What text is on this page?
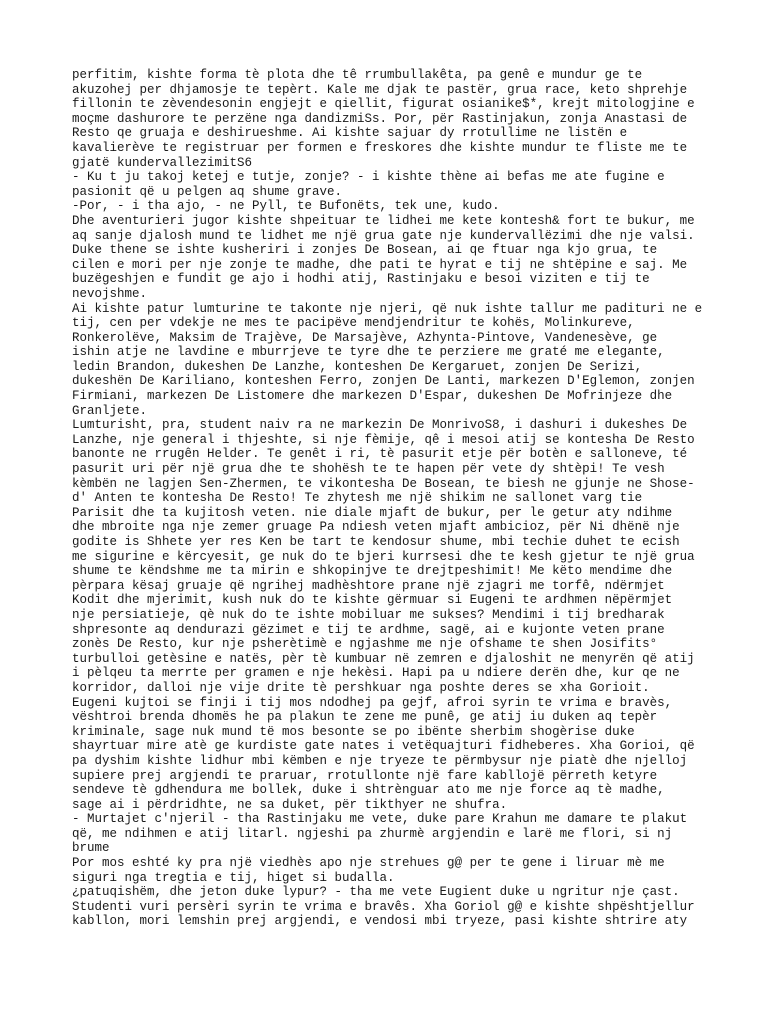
perfitim, kishte forma tè plota dhe tê rrumbullakêta, pa genê e mundur ge te
akuzohej per dhjamosje te tepèrt. Kale me djak te pastër, grua race, keto shprehje
fillonin te zèvendesonin engjejt e qiellit, figurat osianike$*, krejt mitologjine e
moçme dashurore te perzëne nga dandizmiSs. Por, për Rastinjakun, zonja Anastasi de
Resto qe gruaja e deshirueshme. Ai kishte sajuar dy rrotullime ne listën e
kavalierève te registruar per formen e freskores dhe kishte mundur te fliste me te
gjatë kundervallezimitS6
- Ku t ju takoj ketej e tutje, zonje? - i kishte thène ai befas me ate fugine e
pasionit që u pelgen aq shume grave.
-Por, - i tha ajo, - ne Pyll, te Bufonëts, tek une, kudo.
Dhe aventurieri jugor kishte shpeituar te lidhei me kete kontesh& fort te bukur, me
aq sanje djalosh mund te lidhet me një grua gate nje kundervallëzimi dhe nje valsi.
Duke thene se ishte kusheriri i zonjes De Bosean, ai qe ftuar nga kjo grua, te
cilen e mori per nje zonje te madhe, dhe pati te hyrat e tij ne shtëpine e saj. Me
buzëgeshjen e fundit ge ajo i hodhi atij, Rastinjaku e besoi viziten e tij te
nevojshme.
Ai kishte patur lumturine te takonte nje njeri, që nuk ishte tallur me padituri ne e
tij, cen per vdekje ne mes te pacipëve mendjendritur te kohës, Molinkureve,
Ronkerolëve, Maksim de Trajève, De Marsajève, Azhynta-Pintove, Vandenesève, ge
ishin atje ne lavdine e mburrjeve te tyre dhe te perziere me graté me elegante,
ledin Brandon, dukeshen De Lanzhe, konteshen De Kergaruet, zonjen De Serizi,
dukeshën De Kariliano, konteshen Ferro, zonjen De Lanti, markezen D'Eglemon, zonjen
Firmiani, markezen De Listomere dhe markezen D'Espar, dukeshen De Mofrinjeze dhe
Granljete.
Lumturisht, pra, student naiv ra ne markezin De MonrivoS8, i dashuri i dukeshes De
Lanzhe, nje general i thjeshte, si nje fèmije, qê i mesoi atij se kontesha De Resto
banonte ne rrugên Helder. Te genêt i ri, tè pasurit etje për botèn e salloneve, té
pasurit uri për një grua dhe te shohësh te te hapen për vete dy shtèpi! Te vesh
kèmbën ne lagjen Sen-Zhermen, te vikontesha De Bosean, te biesh ne gjunje ne Shose-
d' Anten te kontesha De Resto! Te zhytesh me një shikim ne sallonet varg tie
Parisit dhe ta kujitosh veten. nie diale mjaft de bukur, per le getur aty ndihme
dhe mbroite nga nje zemer gruage Pa ndiesh veten mjaft ambicioz, për Ni dhënë nje
godite is Shhete yer res Ken be tart te kendosur shume, mbi techie duhet te ecish
me sigurine e kërcyesit, ge nuk do te bjeri kurrsesi dhe te kesh gjetur te një grua
shume te këndshme me ta mirin e shkopinjve te drejtpeshimit! Me këto mendime dhe
pèrpara kësaj gruaje që ngrihej madhèshtore prane një zjagri me torfê, ndërmjet
Kodit dhe mjerimit, kush nuk do te kishte gërmuar si Eugeni te ardhmen nëpërmjet
nje persiatieje, qè nuk do te ishte mobiluar me sukses? Mendimi i tij bredharak
shpresonte aq dendurazi gëzimet e tij te ardhme, sagë, ai e kujonte veten prane
zonès De Resto, kur nje psherètimè e ngjashme me nje ofshame te shen Josifits°
turbulloi getèsine e natës, pèr tè kumbuar në zemren e djaloshit ne menyrën që atij
i pèlqeu ta merrte per gramen e nje hekèsi. Hapi pa u ndiere derën dhe, kur qe ne
korridor, dalloi nje vije drite tè pershkuar nga poshte deres se xha Gorioit.
Eugeni kujtoi se finji i tij mos ndodhej pa gejf, afroi syrin te vrima e bravès,
vështroi brenda dhomës he pa plakun te zene me punê, ge atij iu duken aq tepèr
kriminale, sage nuk mund të mos besonte se po ibënte sherbim shogèrise duke
shayrtuar mire atè ge kurdiste gate nates i vetëquajturi fidheberes. Xha Gorioi, që
pa dyshim kishte lidhur mbi këmben e nje tryeze te përmbysur nje piatè dhe njelloj
supiere prej argjendi te praruar, rrotullonte një fare kabllojë përreth ketyre
sendeve tè gdhendura me bollek, duke i shtrènguar ato me nje force aq tè madhe,
sage ai i përdridhte, ne sa duket, për tikthyer ne shufra.
- Murtajet c'njeril - tha Rastinjaku me vete, duke pare Krahun me damare te plakut
që, me ndihmen e atij litarl. ngjeshi pa zhurmè argjendin e larë me flori, si nj
brume
Por mos eshté ky pra një viedhès apo nje strehues g@ per te gene i liruar mè me
siguri nga tregtia e tij, higet si budalla.
¿patuqishëm, dhe jeton duke lypur? - tha me vete Eugient duke u ngritur nje çast.
Studenti vuri persèri syrin te vrima e bravês. Xha Goriol g@ e kishte shpështjellur
kabllon, mori lemshin prej argjendi, e vendosi mbi tryeze, pasi kishte shtrire aty
